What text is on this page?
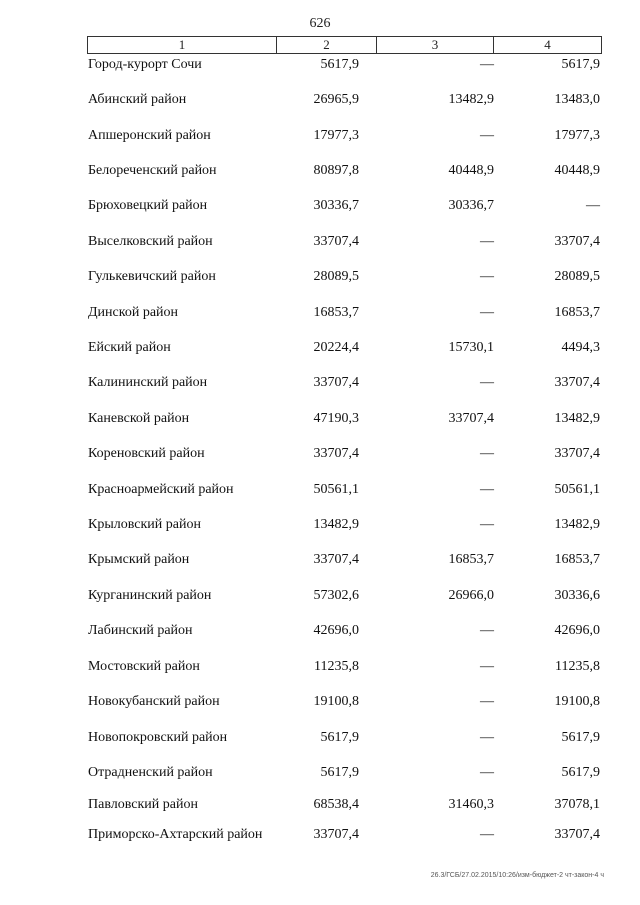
626
1	2	3	4
Город-курорт Сочи	5617,9	—	5617,9
Абинский район	26965,9	13482,9	13483,0
Апшеронский район	17977,3	—	17977,3
Белореченский район	80897,8	40448,9	40448,9
Брюховецкий район	30336,7	30336,7	—
Выселковский район	33707,4	—	33707,4
Гулькевичский район	28089,5	—	28089,5
Динской район	16853,7	—	16853,7
Ейский район	20224,4	15730,1	4494,3
Калининский район	33707,4	—	33707,4
Каневской район	47190,3	33707,4	13482,9
Кореновский район	33707,4	—	33707,4
Красноармейский район	50561,1	—	50561,1
Крыловский район	13482,9	—	13482,9
Крымский район	33707,4	16853,7	16853,7
Курганинский район	57302,6	26966,0	30336,6
Лабинский район	42696,0	—	42696,0
Мостовский район	11235,8	—	11235,8
Новокубанский район	19100,8	—	19100,8
Новопокровский район	5617,9	—	5617,9
Отрадненский район	5617,9	—	5617,9
Павловский район	68538,4	31460,3	37078,1
Приморско-Ахтарский район	33707,4	—	33707,4
26.3/ГСБ/27.02.2015/10:26/изм-бюджет-2 чт-закон-4 ч
